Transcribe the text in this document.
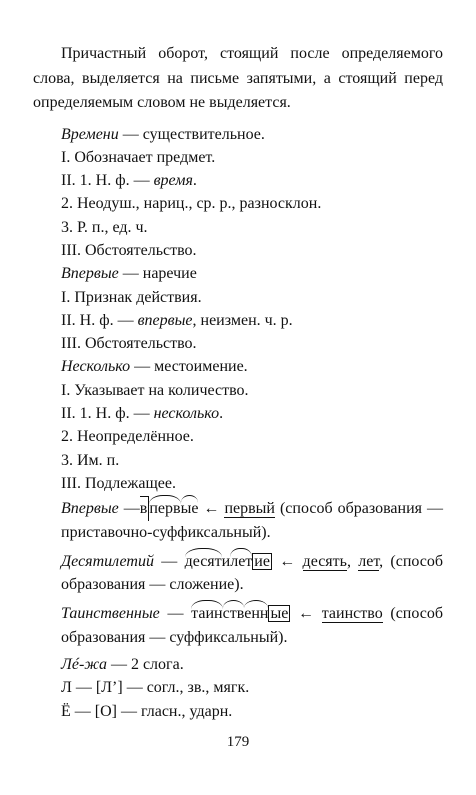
Причастный оборот, стоящий после определяемого слова, выделяется на письме запятыми, а стоящий перед определяемым словом не выделяется.

Времени — существительное.
I. Обозначает предмет.
II. 1. Н. ф. — время.
2. Неодуш., нариц., ср. р., разносклон.
3. Р. п., ед. ч.
III. Обстоятельство.
Впервые — наречие
I. Признак действия.
II. Н. ф. — впервые, неизмен. ч. р.
III. Обстоятельство.
Несколько — местоимение.
I. Указывает на количество.
II. 1. Н. ф. — несколько.
2. Неопределённое.
3. Им. п.
III. Подлежащее.
Впервые —в первые ← первый (способ образования — приставочно-суффиксальный).
Десятилетий — десятилет ие ← десять, лет, (способ образования — сложение).
Таинственные — таинственн ые ← таинство (способ образования — суффиксальный).
Лé-жа — 2 слога.
Л — [Л’] — согл., зв., мягк.
Ё — [О] — гласн., ударн.
179
